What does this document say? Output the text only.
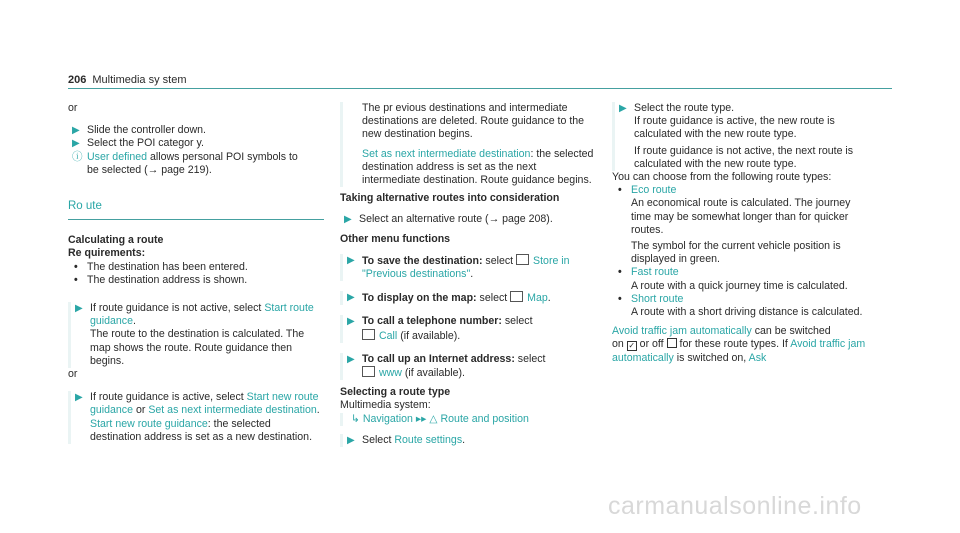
206 Multimedia sy stem
or
▶ Slide the controller down.
▶ Select the POI categor y.
ⓘ User defined allows personal POI symbols to
be selected (→ page 219).
Ro ute
Calculating a route
Re quirements:
• The destination has been entered.
• The destination address is shown.
▶ If route guidance is not active, select Start route guidance.
The route to the destination is calculated. The map shows the route. Route guidance then begins.
or
▶ If route guidance is active, select Start new route guidance or Set as next intermediate destination.
Start new route guidance: the selected destination address is set as a new destination.
The pr evious destinations and intermediate destinations are deleted. Route guidance to the new destination begins.
Set as next intermediate destination: the selected destination address is set as the next intermediate destination. Route guidance begins.
Taking alternative routes into consideration
▶ Select an alternative route (→ page 208).
Other menu functions
▶ To save the destination: select Store in "Previous destinations".
▶ To display on the map: select Map.
▶ To call a telephone number: select
Call (if available).
▶ To call up an Internet address: select
www (if available).
Selecting a route type
Multimedia system:
↳ Navigation ▸▸ △ Route and position
▶ Select Route settings.
▶ Select the route type.
If route guidance is active, the new route is calculated with the new route type.
If route guidance is not active, the next route is calculated with the new route type.
You can choose from the following route types:
• Eco route
An economical route is calculated. The journey time may be somewhat longer than for quicker routes.
The symbol for the current vehicle position is displayed in green.
• Fast route
A route with a quick journey time is calculated.
• Short route
A route with a short driving distance is calculated.
Avoid traffic jam automatically can be switched
on ✓ or off  for these route types. If Avoid traffic jam automatically is switched on, Ask
carmanualsonline.info
